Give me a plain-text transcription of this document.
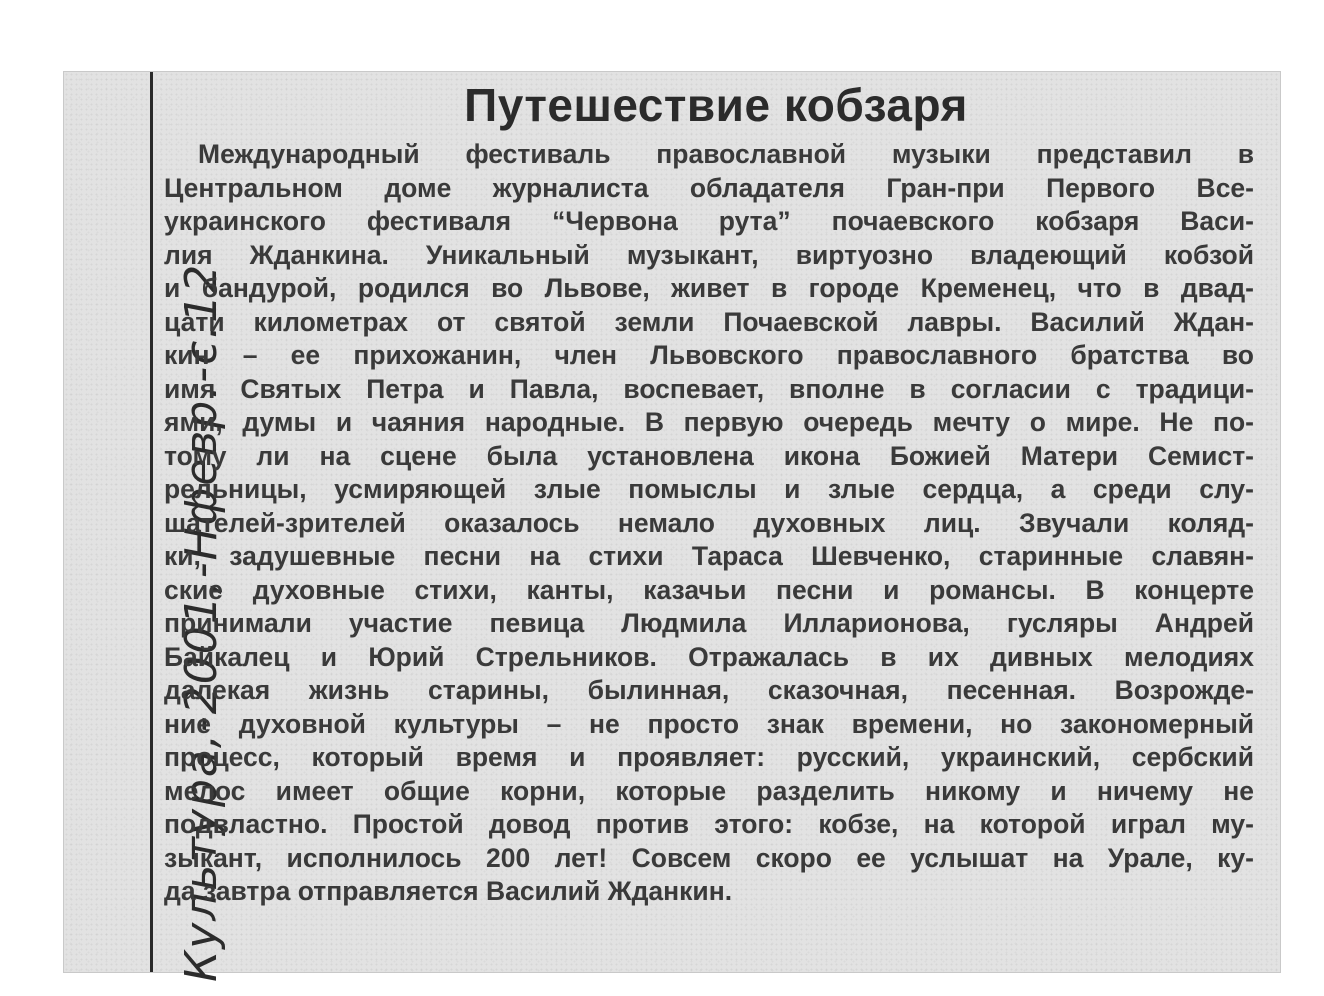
Культура,-2001,-Нфевр.-с.12
Путешествие кобзаря
Международный фестиваль православной музыки представил в
Центральном доме журналиста обладателя Гран-при Первого Все-
украинского фестиваля “Червона рута” почаевского кобзаря Васи-
лия Жданкина. Уникальный музыкант, виртуозно владеющий кобзой
и бандурой, родился во Львове, живет в городе Кременец, что в двад-
цати километрах от святой земли Почаевской лавры. Василий Ждан-
кин – ее прихожанин, член Львовского православного братства во
имя Святых Петра и Павла, воспевает, вполне в согласии с традици-
ями, думы и чаяния народные. В первую очередь мечту о мире. Не по-
тому ли на сцене была установлена икона Божией Матери Семист-
рельницы, усмиряющей злые помыслы и злые сердца, а среди слу-
шателей-зрителей оказалось немало духовных лиц. Звучали коляд-
ки, задушевные песни на стихи Тараса Шевченко, старинные славян-
ские духовные стихи, канты, казачьи песни и романсы. В концерте
принимали участие певица Людмила Илларионова, гусляры Андрей
Байкалец и Юрий Стрельников. Отражалась в их дивных мелодиях
далекая жизнь старины, былинная, сказочная, песенная. Возрожде-
ние духовной культуры – не просто знак времени, но закономерный
процесс, который время и проявляет: русский, украинский, сербский
мелос имеет общие корни, которые разделить никому и ничему не
подвластно. Простой довод против этого: кобзе, на которой играл му-
зыкант, исполнилось 200 лет! Совсем скоро ее услышат на Урале, ку-
да завтра отправляется Василий Жданкин.
